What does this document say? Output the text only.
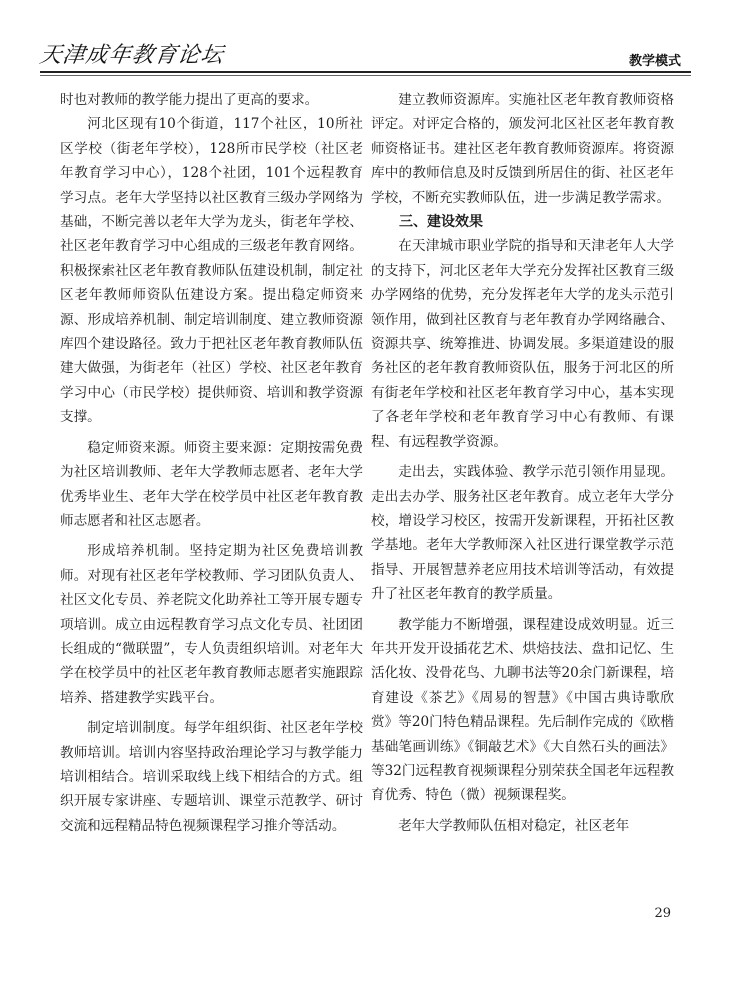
天津成年教育论坛	教学模式

时也对教师的教学能力提出了更高的要求。

河北区现有10个街道，117个社区，10所社区学校（街老年学校），128所市民学校（社区老年教育学习中心），128个社团，101个远程教育学习点。老年大学坚持以社区教育三级办学网络为基础，不断完善以老年大学为龙头，街老年学校、社区老年教育学习中心组成的三级老年教育网络。积极探索社区老年教育教师队伍建设机制，制定社区老年教师师资队伍建设方案。提出稳定师资来源、形成培养机制、制定培训制度、建立教师资源库四个建设路径。致力于把社区老年教育教师队伍建大做强，为街老年（社区）学校、社区老年教育学习中心（市民学校）提供师资、培训和教学资源支撑。

稳定师资来源。师资主要来源：定期按需免费为社区培训教师、老年大学教师志愿者、老年大学优秀毕业生、老年大学在校学员中社区老年教育教师志愿者和社区志愿者。

形成培养机制。坚持定期为社区免费培训教师。对现有社区老年学校教师、学习团队负责人、社区文化专员、养老院文化助养社工等开展专题专项培训。成立由远程教育学习点文化专员、社团团长组成的“微联盟”，专人负责组织培训。对老年大学在校学员中的社区老年教育教师志愿者实施跟踪培养、搭建教学实践平台。

制定培训制度。每学年组织街、社区老年学校教师培训。培训内容坚持政治理论学习与教学能力培训相结合。培训采取线上线下相结合的方式。组织开展专家讲座、专题培训、课堂示范教学、研讨交流和远程精品特色视频课程学习推介等活动。

建立教师资源库。实施社区老年教育教师资格评定。对评定合格的，颁发河北区社区老年教育教师资格证书。建社区老年教育教师资源库。将资源库中的教师信息及时反馈到所居住的街、社区老年学校，不断充实教师队伍，进一步满足教学需求。

三、建设效果

在天津城市职业学院的指导和天津老年人大学的支持下，河北区老年大学充分发挥社区教育三级办学网络的优势，充分发挥老年大学的龙头示范引领作用，做到社区教育与老年教育办学网络融合、资源共享、统筹推进、协调发展。多渠道建设的服务社区的老年教育教师资队伍，服务于河北区的所有街老年学校和社区老年教育学习中心，基本实现了各老年学校和老年教育学习中心有教师、有课程、有远程教学资源。

走出去，实践体验、教学示范引领作用显现。走出去办学、服务社区老年教育。成立老年大学分校，增设学习校区，按需开发新课程，开拓社区教学基地。老年大学教师深入社区进行课堂教学示范指导、开展智慧养老应用技术培训等活动，有效提升了社区老年教育的教学质量。

教学能力不断增强，课程建设成效明显。近三年共开发开设插花艺术、烘焙技法、盘扣记忆、生活化妆、没骨花鸟、九聊书法等20余门新课程，培育建设《茶艺》《周易的智慧》《中国古典诗歌欣赏》等20门特色精品课程。先后制作完成的《欧楷基础笔画训练》《铜敲艺术》《大自然石头的画法》等32门远程教育视频课程分别荣获全国老年远程教育优秀、特色（微）视频课程奖。

老年大学教师队伍相对稳定，社区老年

29
